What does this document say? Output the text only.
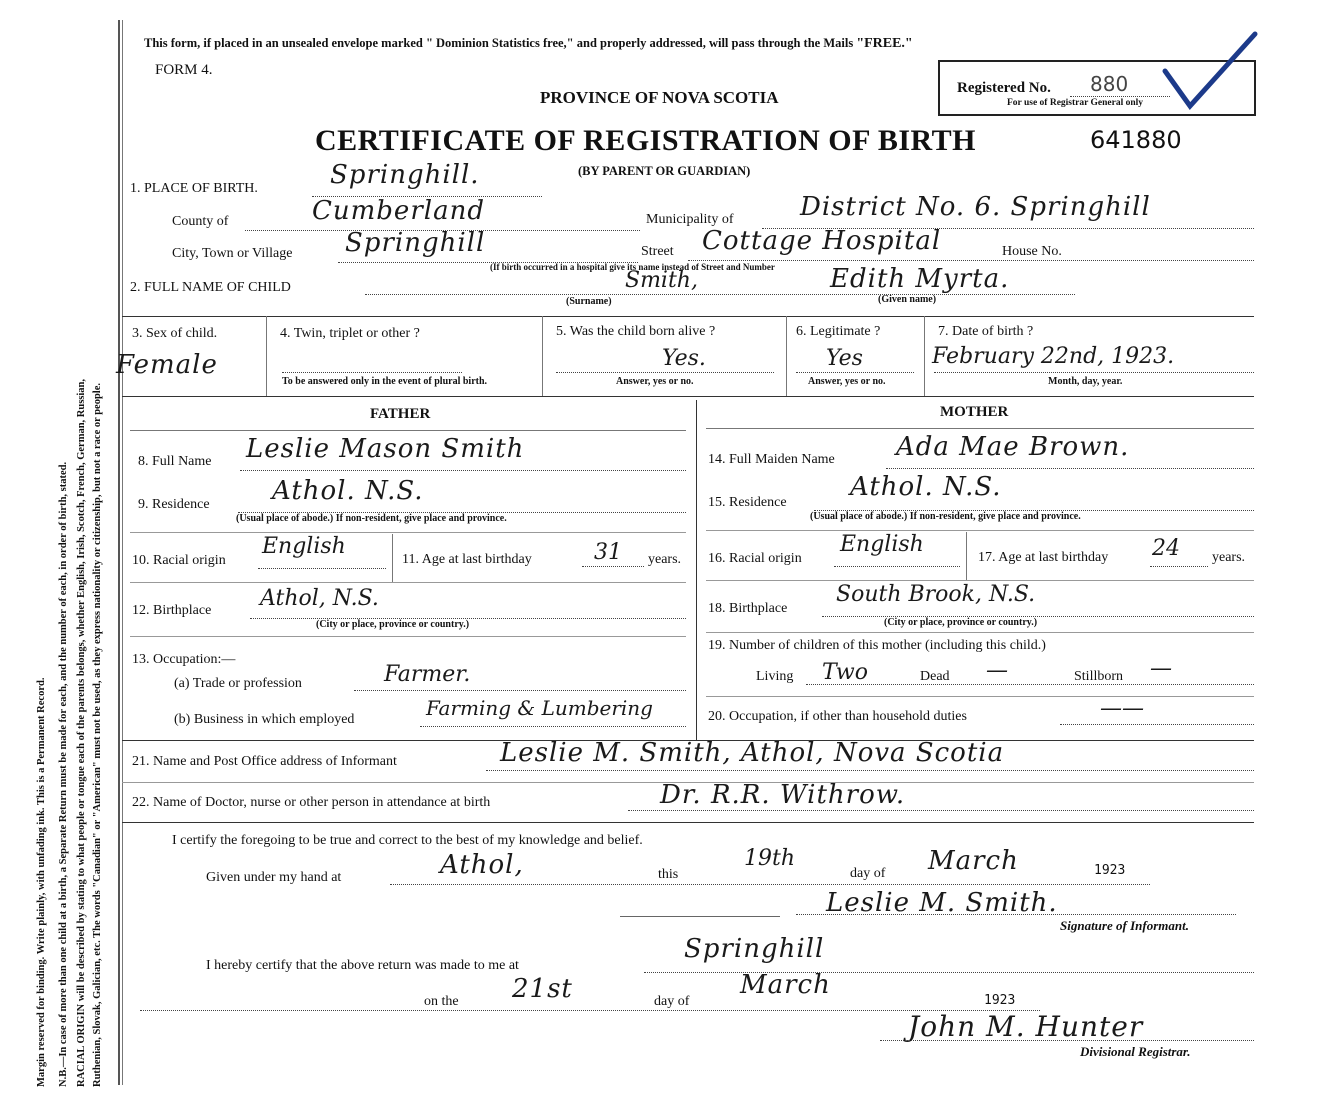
Margin reserved for binding. Write plainly, with unfading ink. This is a Permanent Record. N.B.—In case of more than one child at a birth, a Separate Return must be made for each, and the number of each, in order of birth, stated. RACIAL ORIGIN will be described by stating to what people or tongue each of the parents belongs, whether English, Irish, Scotch, French, German, Russian, Ruthenian, Slovak, Galician, etc. The words "Canadian" or "American" must not be used, as they express nationality or citizenship, but not a race or people.
This form, if placed in an unsealed envelope marked " Dominion Statistics free," and properly addressed, will pass through the Mails "FREE."
FORM 4.
PROVINCE OF NOVA SCOTIA
CERTIFICATE OF REGISTRATION OF BIRTH	641880
(BY PARENT OR GUARDIAN)
Registered No. 880
For use of Registrar General only
1. PLACE OF BIRTH.	Springhill.
County of	Cumberland	Municipality of	District No. 6. Springhill
City, Town or Village Springhill	Street Cottage Hospital	House No.
(If birth occurred in a hospital give its name instead of Street and Number
2. FULL NAME OF CHILD	Smith,	Edith Myrta.
(Surname)	(Given name)
3. Sex of child.
Female
4. Twin, triplet or other ?
To be answered only in the event of plural birth.
5. Was the child born alive ?
Yes.
Answer, yes or no.
6. Legitimate ?
Yes
Answer, yes or no.
7. Date of birth ?
February 22nd, 1923.
Month, day, year.
FATHER	MOTHER
8. Full Name Leslie Mason Smith
9. Residence Athol. N.S.
(Usual place of abode.) If non-resident, give place and province.
10. Racial origin
English
11. Age at last birthday	31 years.
12. Birthplace Athol, N.S.
(City or place, province or country.)
13. Occupation:—
(a) Trade or profession	Farmer.
(b) Business in which employed	Farming & Lumbering
14. Full Maiden Name Ada Mae Brown.
15. Residence
Athol. N.S.
(Usual place of abode.) If non-resident, give place and province.
16. Racial origin
English
17. Age at last birthday 24 years.
18. Birthplace
South Brook, N.S.
(City or place, province or country.)
19. Number of children of this mother (including this child.)
Living Two	Dead —	Stillborn —
20. Occupation, if other than household duties	——
21. Name and Post Office address of Informant	Leslie M. Smith, Athol, Nova Scotia
22. Name of Doctor, nurse or other person in attendance at birth	Dr. R.R. Withrow.
I certify the foregoing to be true and correct to the best of my knowledge and belief.
Given under my hand at	Athol,	this
19th
day of March	1923
Leslie M. Smith.
Signature of Informant.
I hereby certify that the above return was made to me at
Springhill
on the 21st	day of
March
1923
John M. Hunter
Divisional Registrar.
